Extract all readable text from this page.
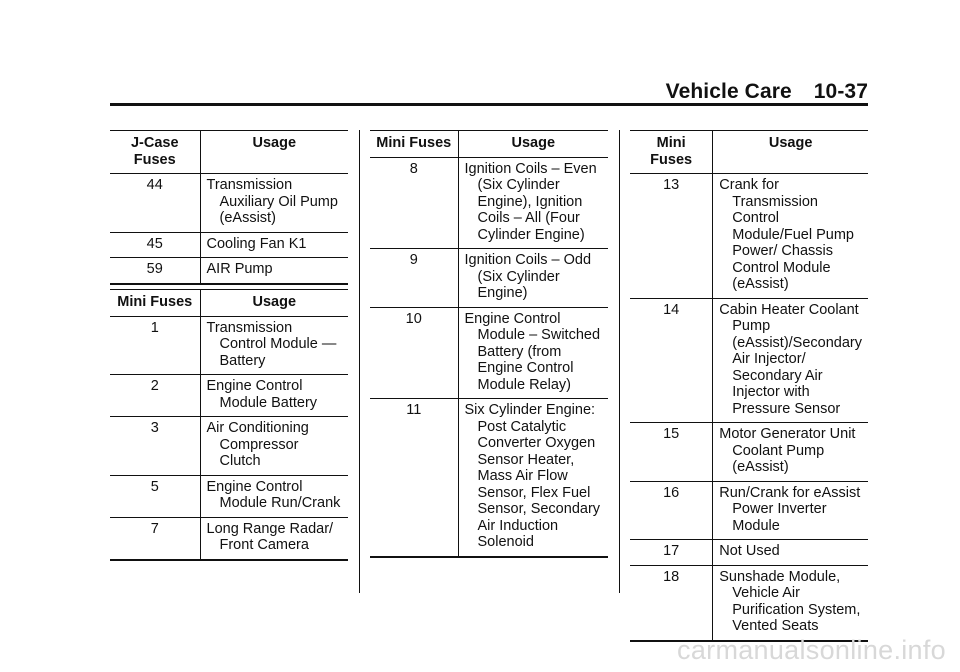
Vehicle Care 10-37
J-Case Fuses	Usage
44	Transmission Auxiliary Oil Pump (eAssist)

45	Cooling Fan K1

59	AIR Pump
Mini Fuses	Usage
1	Transmission Control Module — Battery

2	Engine Control Module Battery

3	Air Conditioning Compressor Clutch

5	Engine Control Module Run/Crank

7	Long Range Radar/ Front Camera
Mini Fuses	Usage
8	Ignition Coils – Even (Six Cylinder Engine), Ignition Coils – All (Four Cylinder Engine)

9	Ignition Coils – Odd (Six Cylinder Engine)

10	Engine Control Module – Switched Battery (from Engine Control Module Relay)

11	Six Cylinder Engine: Post Catalytic Converter Oxygen Sensor Heater, Mass Air Flow Sensor, Flex Fuel Sensor, Secondary Air Induction Solenoid
Mini Fuses	Usage
13	Crank for Transmission Control Module/Fuel Pump Power/ Chassis Control Module (eAssist)

14	Cabin Heater Coolant Pump (eAssist)/Secondary Air Injector/ Secondary Air Injector with Pressure Sensor

15	Motor Generator Unit Coolant Pump (eAssist)

16	Run/Crank for eAssist Power Inverter Module

17	Not Used

18	Sunshade Module, Vehicle Air Purification System, Vented Seats
carmanualsonline.info
